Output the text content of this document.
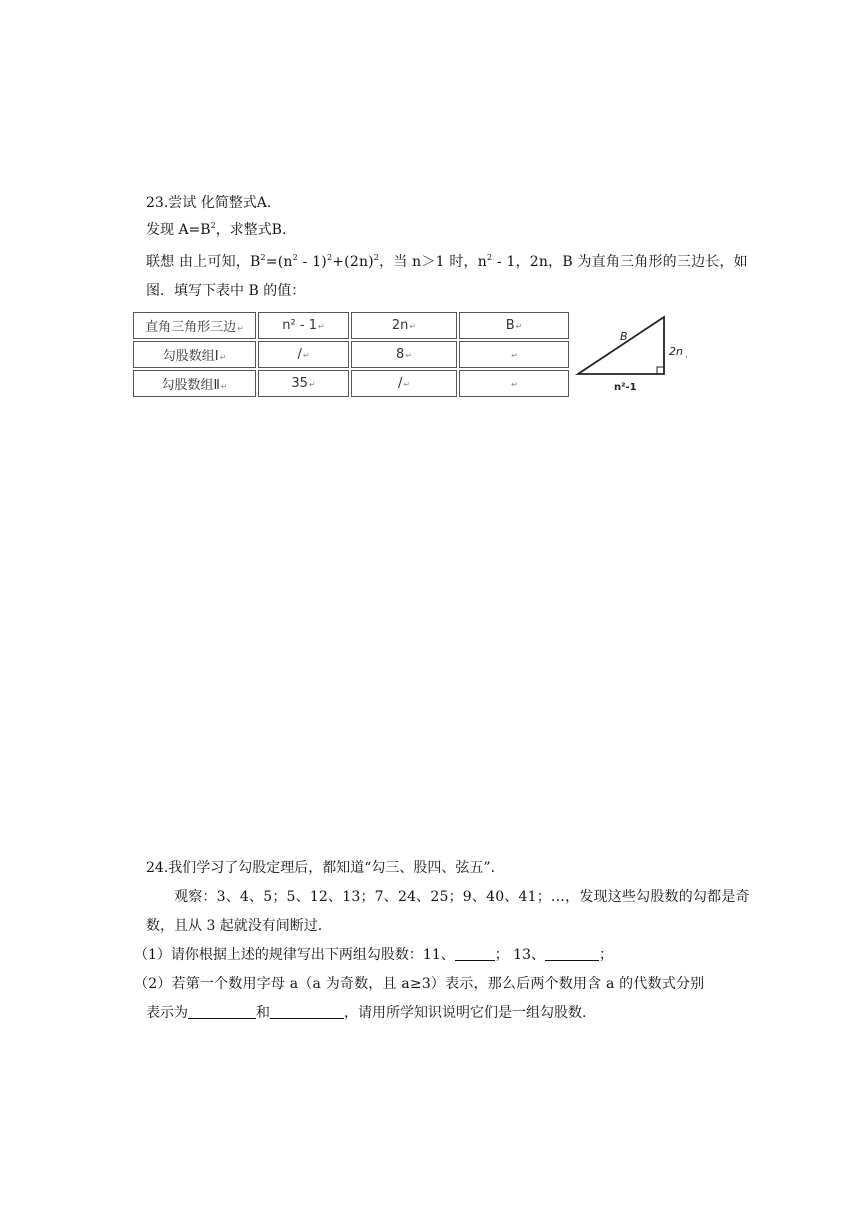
23.尝试 化简整式A.
发现 $A=B^2$，求整式B.
联想 由上可知，$B^2=(n^2 - 1)^2+(2n)^2$，当 n＞1 时，$n^2 - 1$，2n，B 为直角三角形的三边长，如
图．填写下表中 B 的值：
直角三角形三边↵	n² - 1↵	2n↵	B↵
勾股数组Ⅰ↵	/↵	8↵	↵
勾股数组Ⅱ↵	35↵	/↵	↵
B
2n ,
n²-1
24.我们学习了勾股定理后，都知道“勾三、股四、弦五”.
观察：3、4、5；5、12、13；7、24、25；9、40、41；…，发现这些勾股数的勾都是奇
数，且从 3 起就没有间断过.
（1）请你根据上述的规律写出下两组勾股数：11、	； 13、	；
（2）若第一个数用字母 a（a 为奇数，且 a≥3）表示，那么后两个数用含 a 的代数式分别
表示为	和	，请用所学知识说明它们是一组勾股数.
